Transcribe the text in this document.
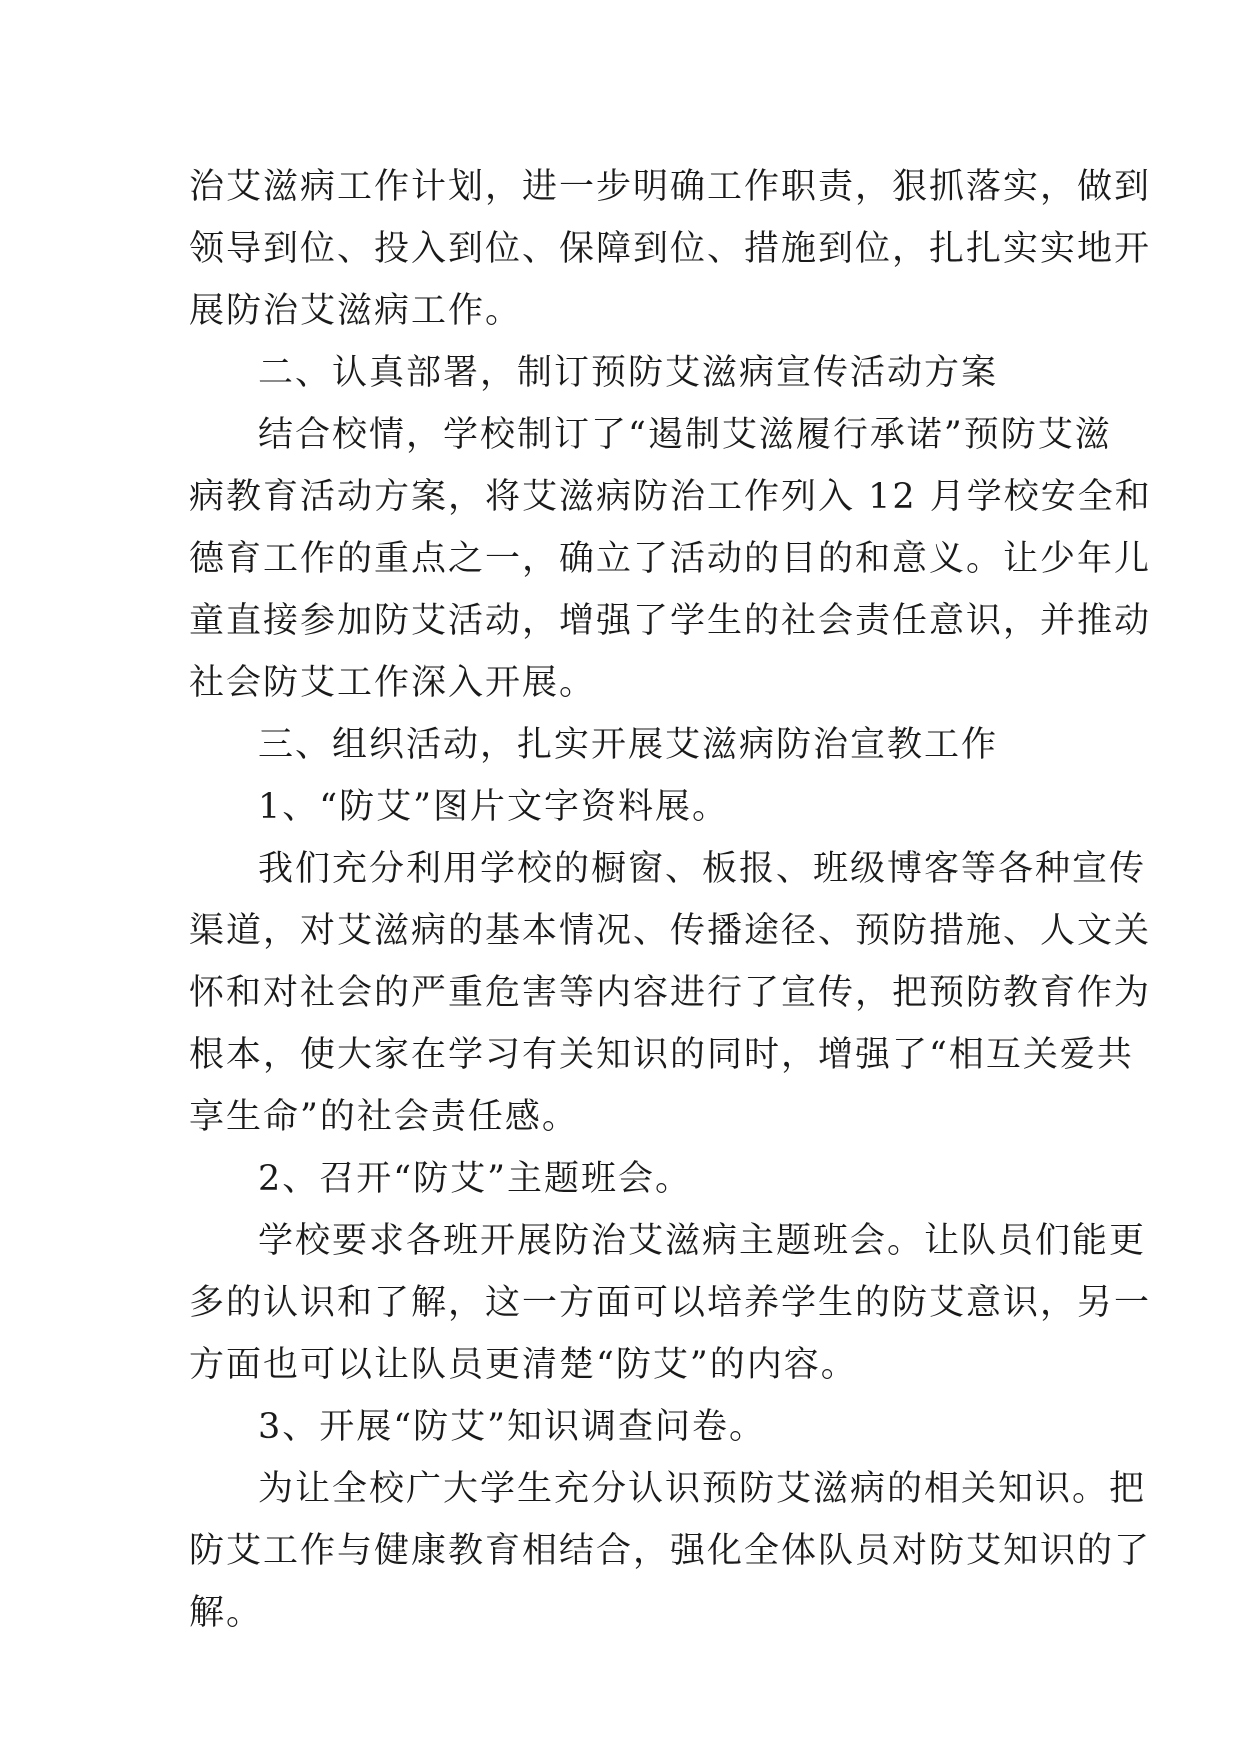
治艾滋病工作计划，进一步明确工作职责，狠抓落实，做到
领导到位、投入到位、保障到位、措施到位，扎扎实实地开
展防治艾滋病工作。
二、认真部署，制订预防艾滋病宣传活动方案
结合校情，学校制订了“遏制艾滋履行承诺”预防艾滋
病教育活动方案，将艾滋病防治工作列入 12 月学校安全和
德育工作的重点之一，确立了活动的目的和意义。让少年儿
童直接参加防艾活动，增强了学生的社会责任意识，并推动
社会防艾工作深入开展。
三、组织活动，扎实开展艾滋病防治宣教工作
1、“防艾”图片文字资料展。
我们充分利用学校的橱窗、板报、班级博客等各种宣传
渠道，对艾滋病的基本情况、传播途径、预防措施、人文关
怀和对社会的严重危害等内容进行了宣传，把预防教育作为
根本，使大家在学习有关知识的同时，增强了“相互关爱共
享生命”的社会责任感。
2、召开“防艾”主题班会。
学校要求各班开展防治艾滋病主题班会。让队员们能更
多的认识和了解，这一方面可以培养学生的防艾意识，另一
方面也可以让队员更清楚“防艾”的内容。
3、开展“防艾”知识调查问卷。
为让全校广大学生充分认识预防艾滋病的相关知识。把
防艾工作与健康教育相结合，强化全体队员对防艾知识的了
解。
